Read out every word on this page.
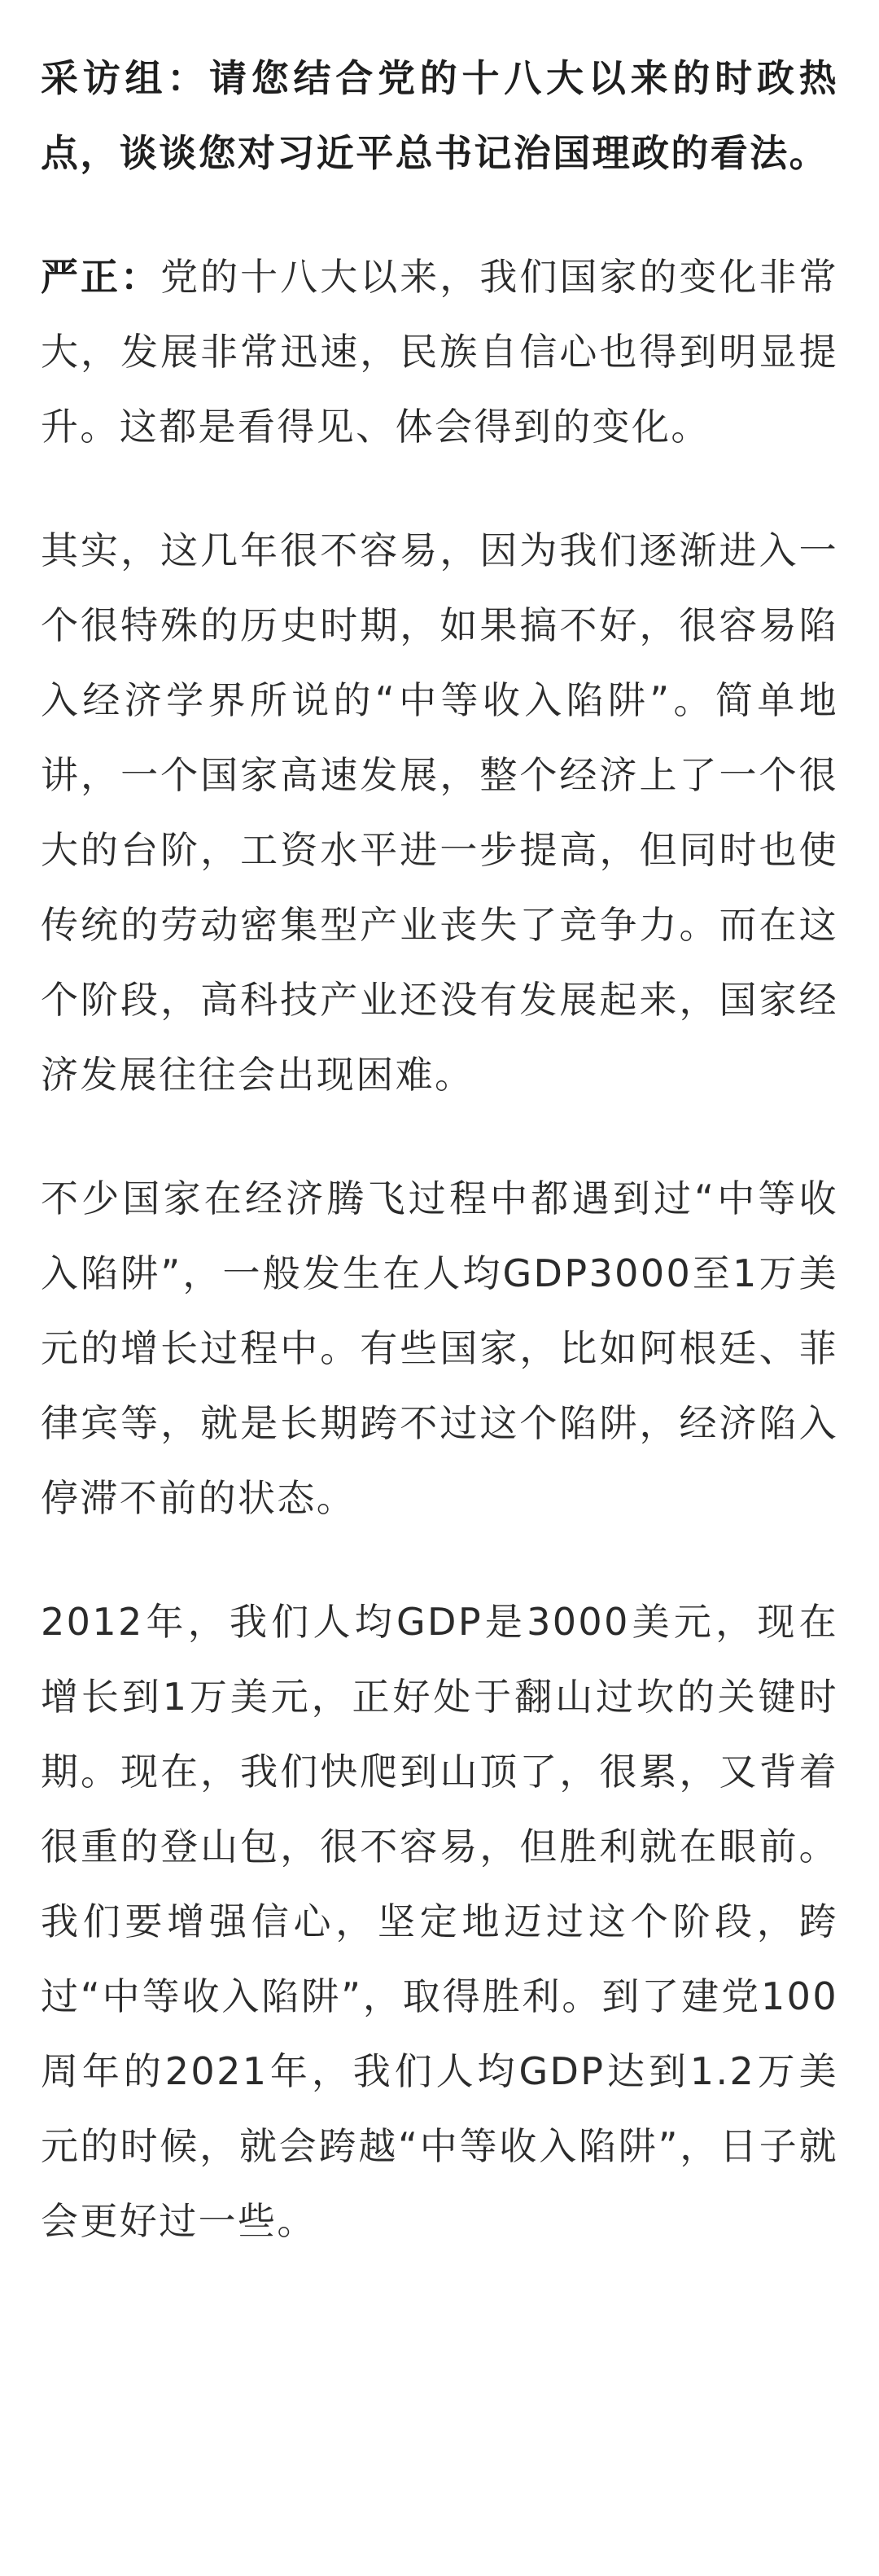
采访组：请您结合党的十八大以来的时政热点，谈谈您对习近平总书记治国理政的看法。

严正：党的十八大以来，我们国家的变化非常大，发展非常迅速，民族自信心也得到明显提升。这都是看得见、体会得到的变化。

其实，这几年很不容易，因为我们逐渐进入一个很特殊的历史时期，如果搞不好，很容易陷入经济学界所说的“中等收入陷阱”。简单地讲，一个国家高速发展，整个经济上了一个很大的台阶，工资水平进一步提高，但同时也使传统的劳动密集型产业丧失了竞争力。而在这个阶段，高科技产业还没有发展起来，国家经济发展往往会出现困难。

不少国家在经济腾飞过程中都遇到过“中等收入陷阱”，一般发生在人均GDP3000至1万美元的增长过程中。有些国家，比如阿根廷、菲律宾等，就是长期跨不过这个陷阱，经济陷入停滞不前的状态。

2012年，我们人均GDP是3000美元，现在增长到1万美元，正好处于翻山过坎的关键时期。现在，我们快爬到山顶了，很累，又背着很重的登山包，很不容易，但胜利就在眼前。我们要增强信心，坚定地迈过这个阶段，跨过“中等收入陷阱”，取得胜利。到了建党100周年的2021年，我们人均GDP达到1.2万美元的时候，就会跨越“中等收入陷阱”，日子就会更好过一些。
